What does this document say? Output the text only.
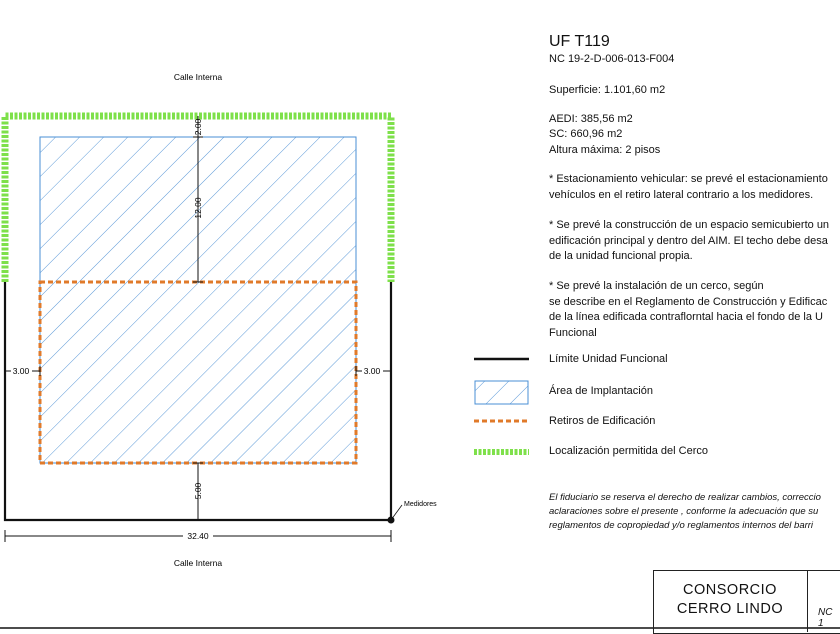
2.00
12.00
5.00
3.00	3.00
32.40
Medidores
Calle Interna
Calle Interna
UF T119
NC 19-2-D-006-013-F004
Superficie: 1.101,60 m2
AEDI: 385,56 m2
SC: 660,96 m2
Altura máxima: 2 pisos
* Estacionamiento vehicular: se prevé el estacionamiento
vehículos en el retiro lateral contrario a los medidores.
* Se prevé la construcción de un espacio semicubierto un
edificación principal y dentro del AIM. El techo debe desa
de la unidad funcional propia.
* Se prevé la instalación de un cerco, según
se describe en el Reglamento de Construcción y Edificac
de la línea edificada contraflorntal hacia el fondo de la U
Funcional
Límite Unidad Funcional
Área de Implantación
Retiros de Edificación
Localización permitida del Cerco
El fiduciario se reserva el derecho de realizar cambios, correccio
aclaraciones sobre el presente , conforme la adecuación que su
reglamentos de copropiedad y/o reglamentos internos del barri
CONSORCIO
CERRO LINDO	NC 1
